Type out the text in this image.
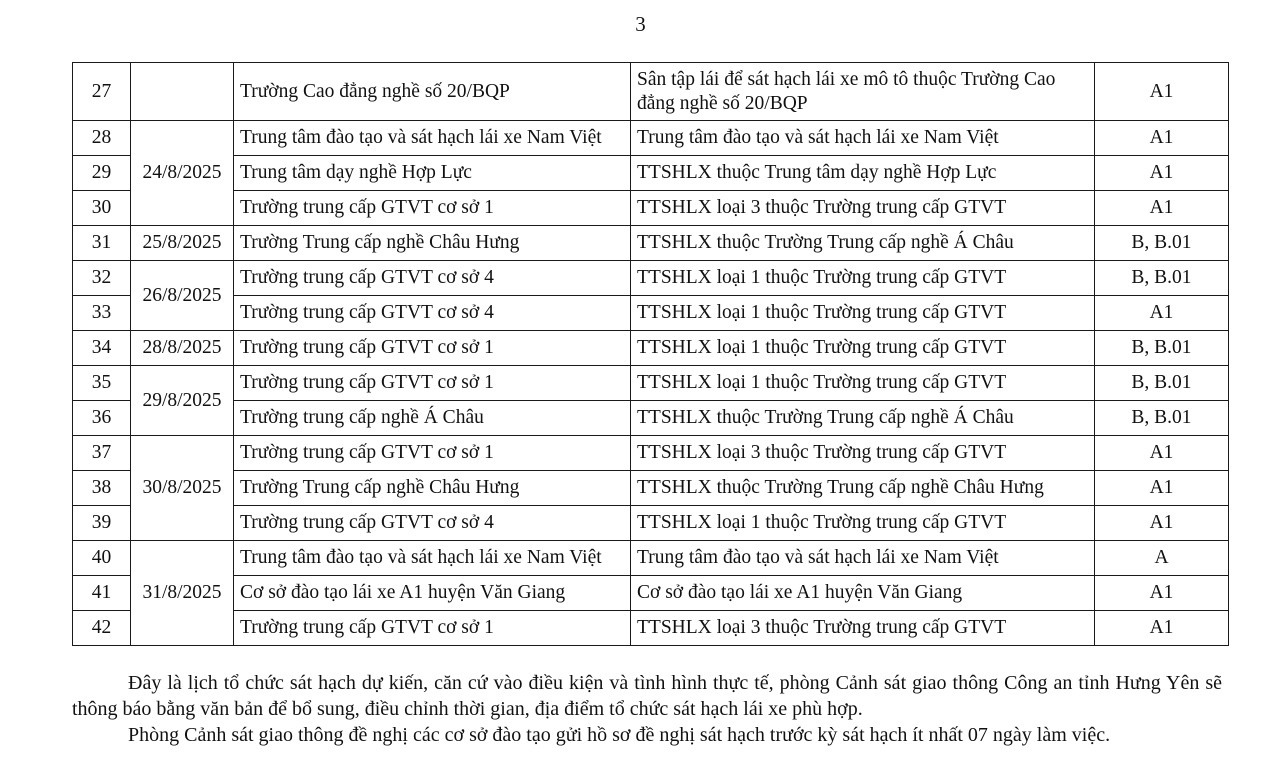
3
27		Trường Cao đẳng nghề số 20/BQP	Sân tập lái để sát hạch lái xe mô tô thuộc Trường Cao đẳng nghề số 20/BQP	A1
28	24/8/2025	Trung tâm đào tạo và sát hạch lái xe Nam Việt	Trung tâm đào tạo và sát hạch lái xe Nam Việt	A1
29		Trung tâm dạy nghề Hợp Lực	TTSHLX thuộc Trung tâm dạy nghề Hợp Lực	A1
30		Trường trung cấp GTVT cơ sở 1	TTSHLX loại 3 thuộc Trường trung cấp GTVT	A1
31	25/8/2025	Trường Trung cấp nghề Châu Hưng	TTSHLX thuộc Trường Trung cấp nghề Á Châu	B, B.01
32	26/8/2025	Trường trung cấp GTVT cơ sở 4	TTSHLX loại 1 thuộc Trường trung cấp GTVT	B, B.01
33		Trường trung cấp GTVT cơ sở 4	TTSHLX loại 1 thuộc Trường trung cấp GTVT	A1
34	28/8/2025	Trường trung cấp GTVT cơ sở 1	TTSHLX loại 1 thuộc Trường trung cấp GTVT	B, B.01
35	29/8/2025	Trường trung cấp GTVT cơ sở 1	TTSHLX loại 1 thuộc Trường trung cấp GTVT	B, B.01
36		Trường trung cấp nghề Á Châu	TTSHLX thuộc Trường Trung cấp nghề Á Châu	B, B.01
37	30/8/2025	Trường trung cấp GTVT cơ sở 1	TTSHLX loại 3 thuộc Trường trung cấp GTVT	A1
38		Trường Trung cấp nghề Châu Hưng	TTSHLX thuộc Trường Trung cấp nghề Châu Hưng	A1
39		Trường trung cấp GTVT cơ sở 4	TTSHLX loại 1 thuộc Trường trung cấp GTVT	A1
40	31/8/2025	Trung tâm đào tạo và sát hạch lái xe Nam Việt	Trung tâm đào tạo và sát hạch lái xe Nam Việt	A
41		Cơ sở đào tạo lái xe A1 huyện Văn Giang	Cơ sở đào tạo lái xe A1 huyện Văn Giang	A1
42		Trường trung cấp GTVT cơ sở 1	TTSHLX loại 3 thuộc Trường trung cấp GTVT	A1

Đây là lịch tổ chức sát hạch dự kiến, căn cứ vào điều kiện và tình hình thực tế, phòng Cảnh sát giao thông Công an tỉnh Hưng Yên sẽ thông báo bằng văn bản để bổ sung, điều chỉnh thời gian, địa điểm tổ chức sát hạch lái xe phù hợp.

Phòng Cảnh sát giao thông đề nghị các cơ sở đào tạo gửi hồ sơ đề nghị sát hạch trước kỳ sát hạch ít nhất 07 ngày làm việc.
